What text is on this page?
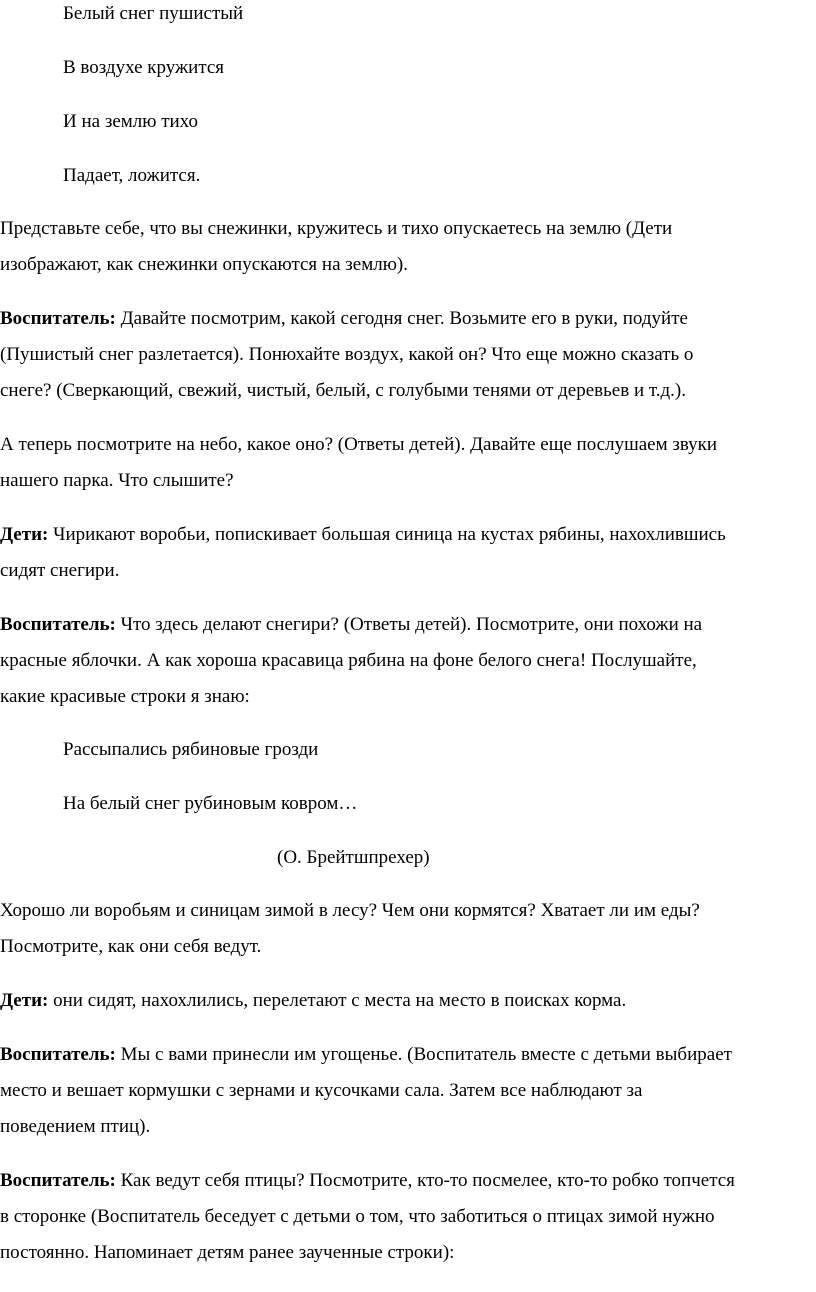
Белый снег пушистый
В воздухе кружится
И на землю тихо
Падает, ложится.
Представьте себе, что вы снежинки, кружитесь и тихо опускаетесь на землю (Дети
изображают, как снежинки опускаются на землю).
Воспитатель: Давайте посмотрим, какой сегодня снег. Возьмите его в руки, подуйте
(Пушистый снег разлетается). Понюхайте воздух, какой он? Что еще можно сказать о
снеге? (Сверкающий, свежий, чистый, белый, с голубыми тенями от деревьев и т.д.).
А теперь посмотрите на небо, какое оно? (Ответы детей). Давайте еще послушаем звуки
нашего парка. Что слышите?
Дети: Чирикают воробьи, попискивает большая синица на кустах рябины, нахохлившись
сидят снегири.
Воспитатель: Что здесь делают снегири? (Ответы детей). Посмотрите, они похожи на
красные яблочки. А как хороша красавица рябина на фоне белого снега! Послушайте,
какие красивые строки я знаю:
Рассыпались рябиновые грозди
На белый снег рубиновым ковром…
(О. Брейтшпрехер)
Хорошо ли воробьям и синицам зимой в лесу? Чем они кормятся? Хватает ли им еды?
Посмотрите, как они себя ведут.
Дети: они сидят, нахохлились, перелетают с места на место в поисках корма.
Воспитатель: Мы с вами принесли им угощенье. (Воспитатель вместе с детьми выбирает
место и вешает кормушки с зернами и кусочками сала. Затем все наблюдают за
поведением птиц).
Воспитатель: Как ведут себя птицы? Посмотрите, кто-то посмелее, кто-то робко топчется
в сторонке (Воспитатель беседует с детьми о том, что заботиться о птицах зимой нужно
постоянно. Напоминает детям ранее заученные строки):
